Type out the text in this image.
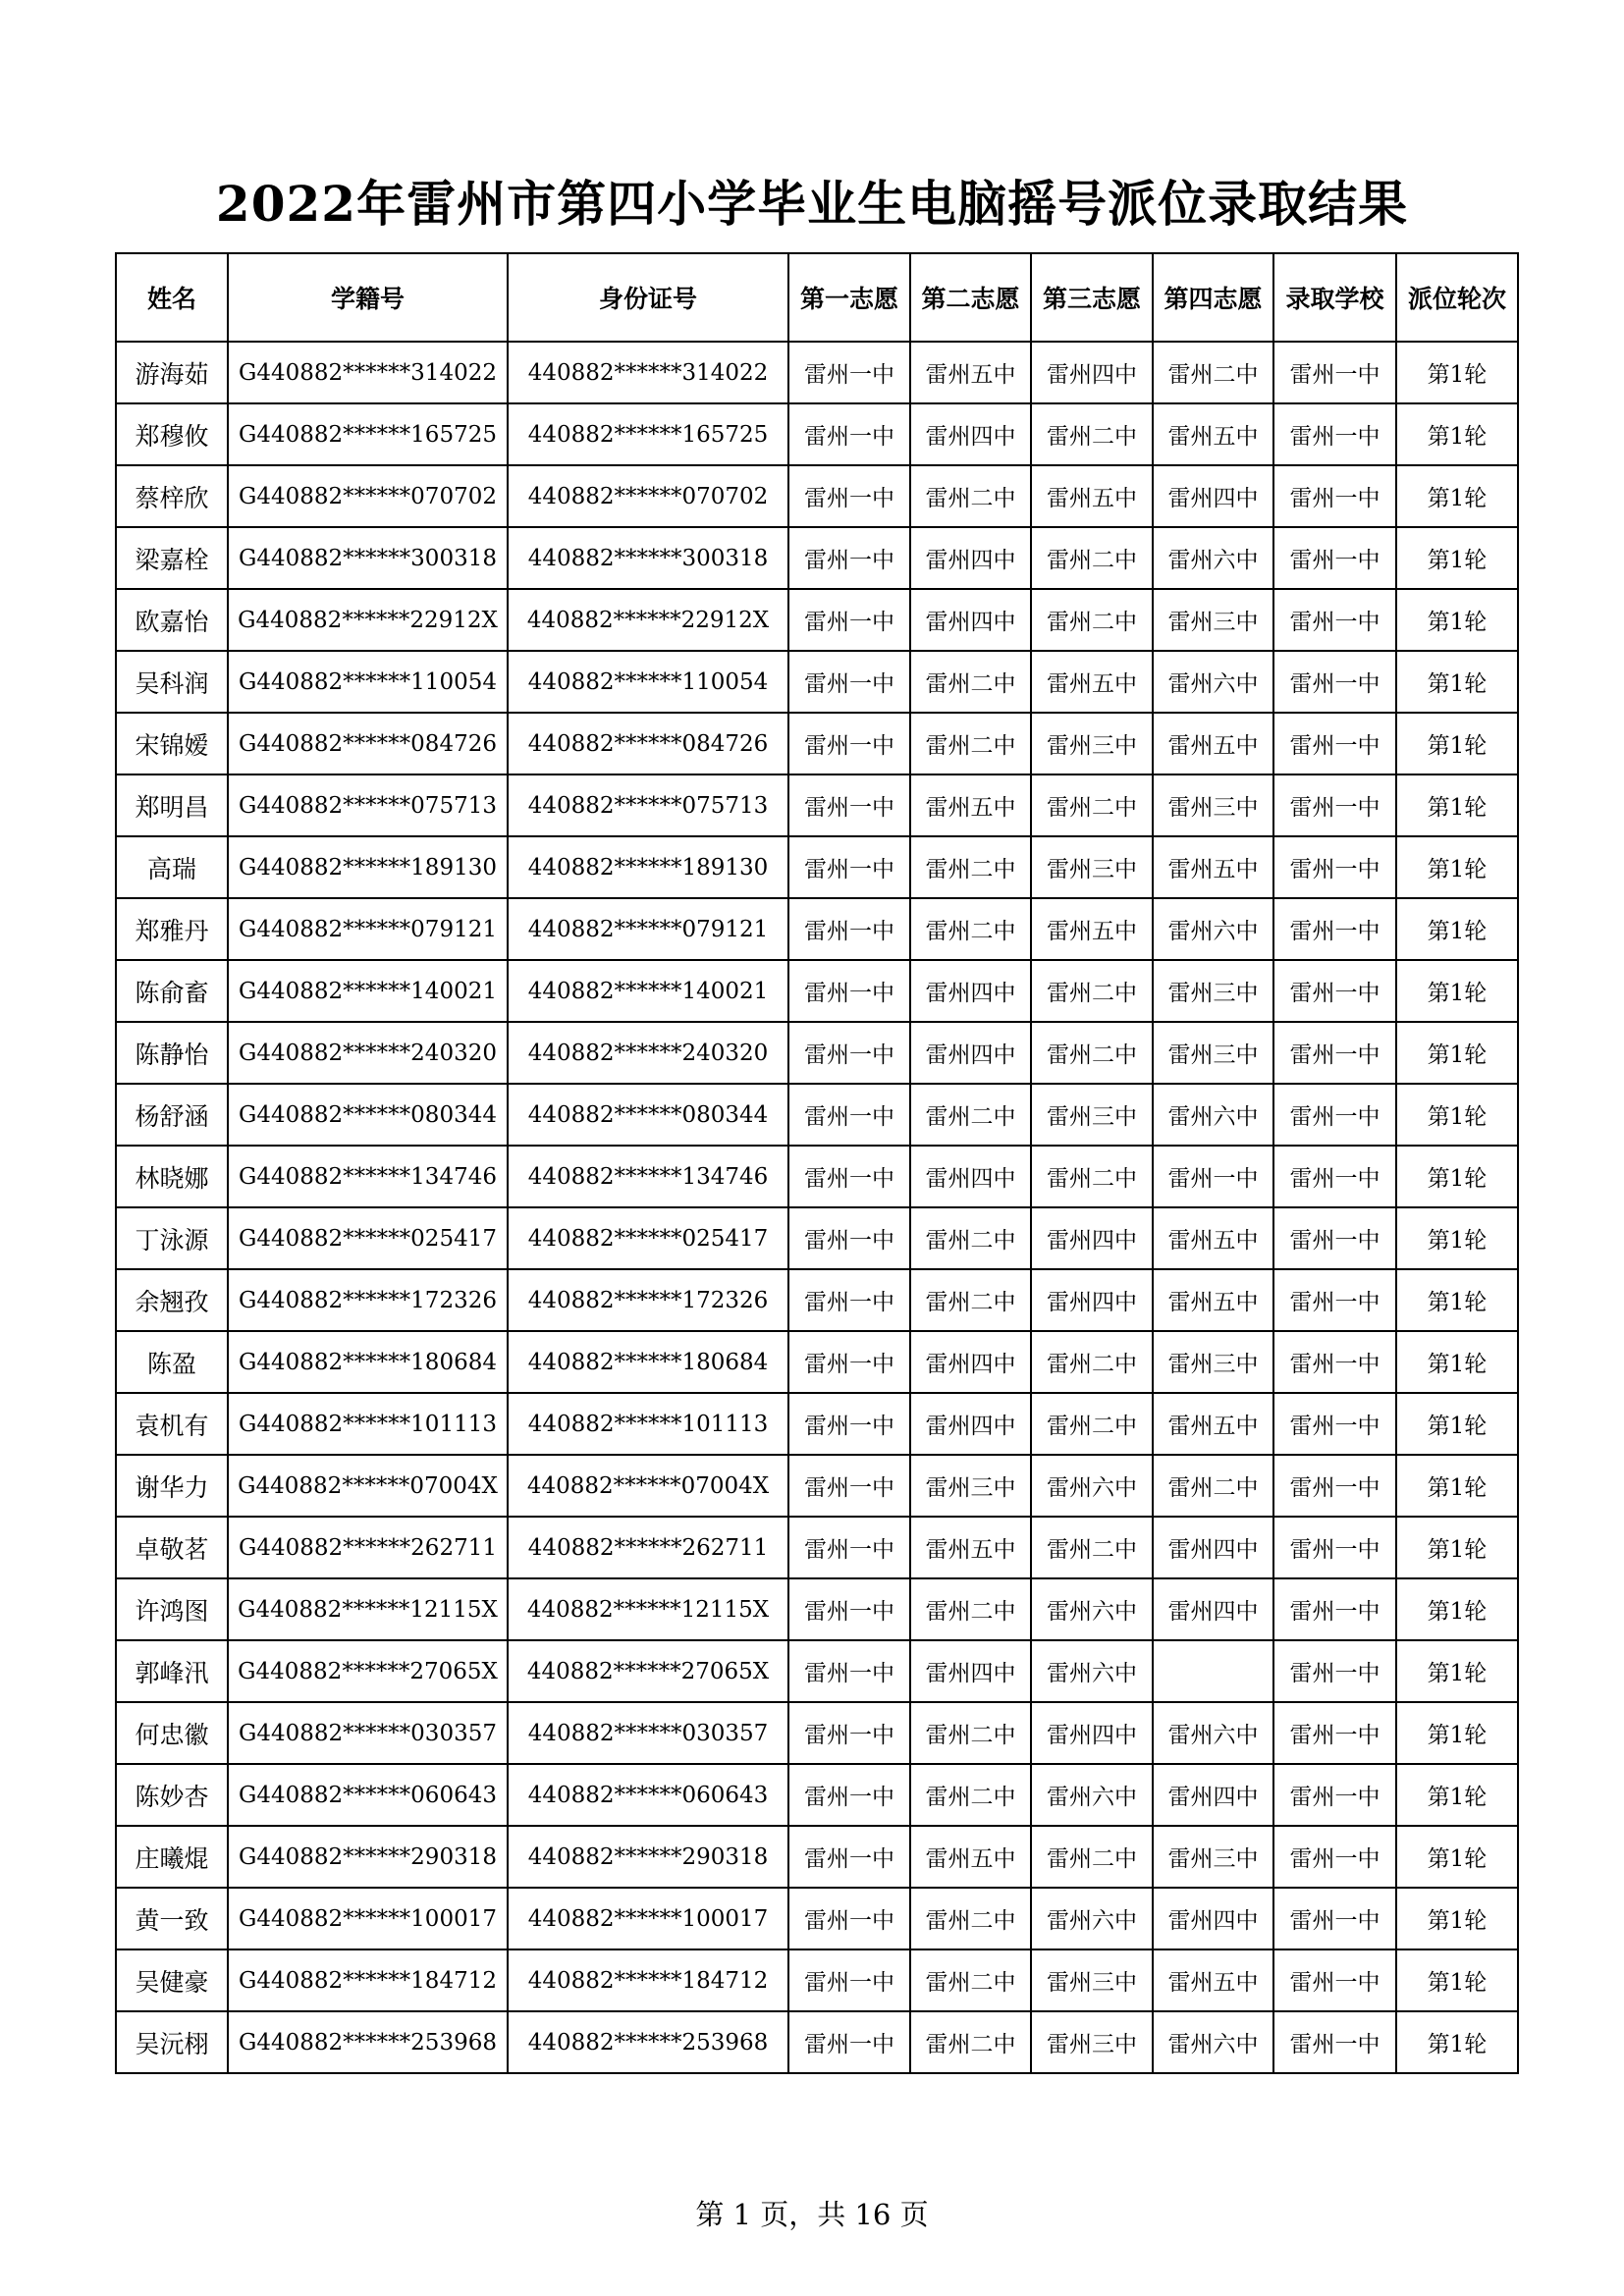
2022年雷州市第四小学毕业生电脑摇号派位录取结果
姓名	学籍号	身份证号	第一志愿	第二志愿	第三志愿	第四志愿	录取学校	派位轮次
游海茹	G440882******314022	440882******314022	雷州一中	雷州五中	雷州四中	雷州二中	雷州一中	第1轮
郑穆攸	G440882******165725	440882******165725	雷州一中	雷州四中	雷州二中	雷州五中	雷州一中	第1轮
蔡梓欣	G440882******070702	440882******070702	雷州一中	雷州二中	雷州五中	雷州四中	雷州一中	第1轮
梁嘉栓	G440882******300318	440882******300318	雷州一中	雷州四中	雷州二中	雷州六中	雷州一中	第1轮
欧嘉怡	G440882******22912X	440882******22912X	雷州一中	雷州四中	雷州二中	雷州三中	雷州一中	第1轮
吴科润	G440882******110054	440882******110054	雷州一中	雷州二中	雷州五中	雷州六中	雷州一中	第1轮
宋锦嫒	G440882******084726	440882******084726	雷州一中	雷州二中	雷州三中	雷州五中	雷州一中	第1轮
郑明昌	G440882******075713	440882******075713	雷州一中	雷州五中	雷州二中	雷州三中	雷州一中	第1轮
高瑞	G440882******189130	440882******189130	雷州一中	雷州二中	雷州三中	雷州五中	雷州一中	第1轮
郑雅丹	G440882******079121	440882******079121	雷州一中	雷州二中	雷州五中	雷州六中	雷州一中	第1轮
陈俞畜	G440882******140021	440882******140021	雷州一中	雷州四中	雷州二中	雷州三中	雷州一中	第1轮
陈静怡	G440882******240320	440882******240320	雷州一中	雷州四中	雷州二中	雷州三中	雷州一中	第1轮
杨舒涵	G440882******080344	440882******080344	雷州一中	雷州二中	雷州三中	雷州六中	雷州一中	第1轮
林晓娜	G440882******134746	440882******134746	雷州一中	雷州四中	雷州二中	雷州一中	雷州一中	第1轮
丁泳源	G440882******025417	440882******025417	雷州一中	雷州二中	雷州四中	雷州五中	雷州一中	第1轮
余翘孜	G440882******172326	440882******172326	雷州一中	雷州二中	雷州四中	雷州五中	雷州一中	第1轮
陈盈	G440882******180684	440882******180684	雷州一中	雷州四中	雷州二中	雷州三中	雷州一中	第1轮
袁机有	G440882******101113	440882******101113	雷州一中	雷州四中	雷州二中	雷州五中	雷州一中	第1轮
谢华力	G440882******07004X	440882******07004X	雷州一中	雷州三中	雷州六中	雷州二中	雷州一中	第1轮
卓敬茗	G440882******262711	440882******262711	雷州一中	雷州五中	雷州二中	雷州四中	雷州一中	第1轮
许鸿图	G440882******12115X	440882******12115X	雷州一中	雷州二中	雷州六中	雷州四中	雷州一中	第1轮
郭峰汛	G440882******27065X	440882******27065X	雷州一中	雷州四中	雷州六中		雷州一中	第1轮
何忠徽	G440882******030357	440882******030357	雷州一中	雷州二中	雷州四中	雷州六中	雷州一中	第1轮
陈妙杏	G440882******060643	440882******060643	雷州一中	雷州二中	雷州六中	雷州四中	雷州一中	第1轮
庄曦焜	G440882******290318	440882******290318	雷州一中	雷州五中	雷州二中	雷州三中	雷州一中	第1轮
黄一致	G440882******100017	440882******100017	雷州一中	雷州二中	雷州六中	雷州四中	雷州一中	第1轮
吴健豪	G440882******184712	440882******184712	雷州一中	雷州二中	雷州三中	雷州五中	雷州一中	第1轮
吴沅栩	G440882******253968	440882******253968	雷州一中	雷州二中	雷州三中	雷州六中	雷州一中	第1轮
第 1 页，共 16 页
